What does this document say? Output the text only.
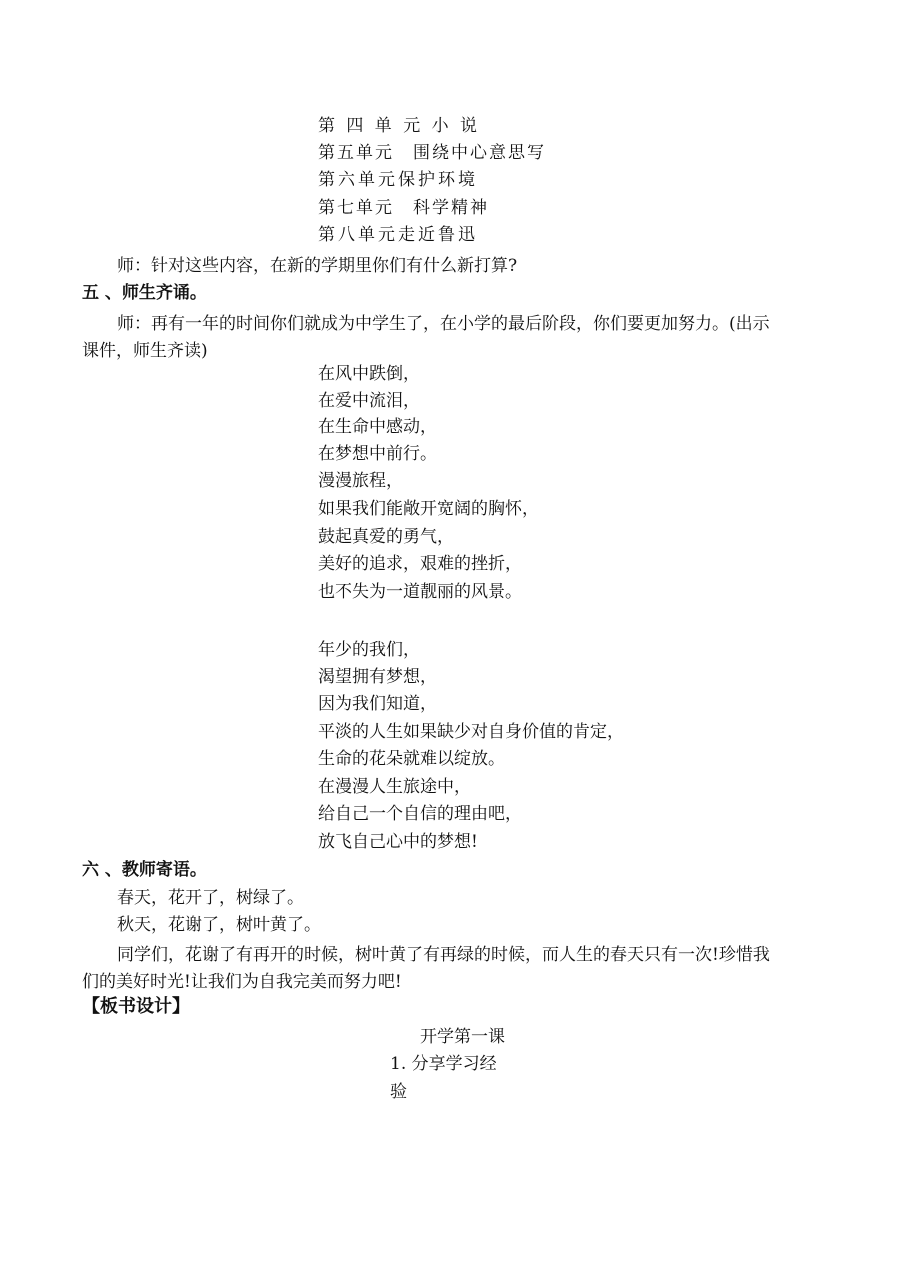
第 四 单 元 小 说
第五单元　围绕中心意思写
第六单元保护环境
第七单元　科学精神
第八单元走近鲁迅
师：针对这些内容，在新的学期里你们有什么新打算?
五 、师生齐诵。
师：再有一年的时间你们就成为中学生了，在小学的最后阶段，你们要更加努力。(出示
课件，师生齐读)
在风中跌倒，
在爱中流泪，
在生命中感动，
在梦想中前行。
漫漫旅程，
如果我们能敞开宽阔的胸怀，
鼓起真爱的勇气，
美好的追求，艰难的挫折，
也不失为一道靓丽的风景。
年少的我们，
渴望拥有梦想，
因为我们知道，
平淡的人生如果缺少对自身价值的肯定，
生命的花朵就难以绽放。
在漫漫人生旅途中，
给自己一个自信的理由吧，
放飞自己心中的梦想!
六 、教师寄语。
春天，花开了，树绿了。
秋天，花谢了，树叶黄了。
同学们，花谢了有再开的时候，树叶黄了有再绿的时候，而人生的春天只有一次!珍惜我
们的美好时光!让我们为自我完美而努力吧!
【板书设计】
开学第一课
1. 分享学习经
验
